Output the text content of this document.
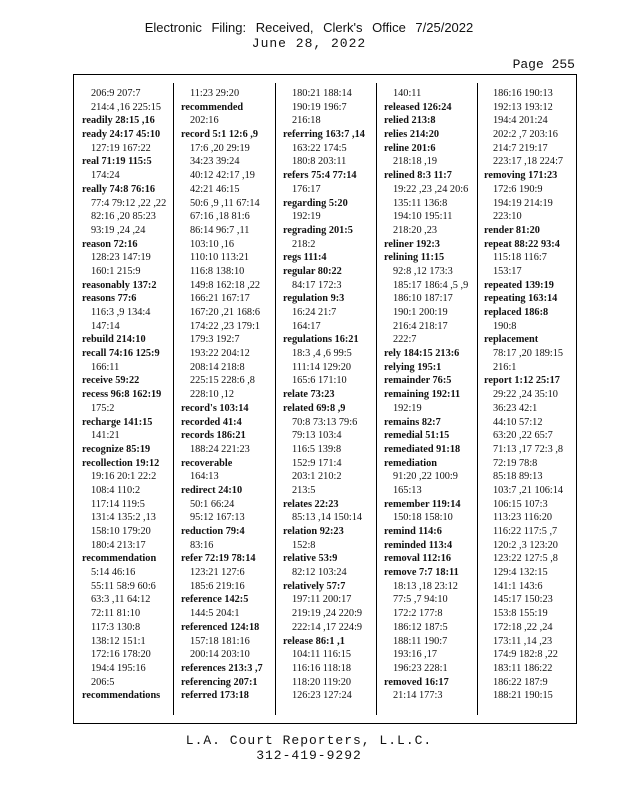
Electronic Filing: Received, Clerk's Office 7/25/2022
June 28, 2022
Page 255
206:9 207:7
214:4 ,16 225:15
readily 28:15 ,16
ready 24:17 45:10
127:19 167:22
real 71:19 115:5
174:24
really 74:8 76:16
77:4 79:12 ,22 ,22
82:16 ,20 85:23
93:19 ,24 ,24
reason 72:16
128:23 147:19
160:1 215:9
reasonably 137:2
reasons 77:6
116:3 ,9 134:4
147:14
rebuild 214:10
recall 74:16 125:9
166:11
receive 59:22
recess 96:8 162:19
175:2
recharge 141:15
141:21
recognize 85:19
recollection 19:12
19:16 20:1 22:2
108:4 110:2
117:14 119:5
131:4 135:2 ,13
158:10 179:20
180:4 213:17
recommendation
5:14 46:16
55:11 58:9 60:6
63:3 ,11 64:12
72:11 81:10
117:3 130:8
138:12 151:1
172:16 178:20
194:4 195:16
206:5
recommendations
11:23 29:20
recommended
202:16
record 5:1 12:6 ,9
17:6 ,20 29:19
34:23 39:24
40:12 42:17 ,19
42:21 46:15
50:6 ,9 ,11 67:14
67:16 ,18 81:6
86:14 96:7 ,11
103:10 ,16
110:10 113:21
116:8 138:10
149:8 162:18 ,22
166:21 167:17
167:20 ,21 168:6
174:22 ,23 179:1
179:3 192:7
193:22 204:12
208:14 218:8
225:15 228:6 ,8
228:10 ,12
record's 103:14
recorded 41:4
records 186:21
188:24 221:23
recoverable
164:13
redirect 24:10
50:1 66:24
95:12 167:13
reduction 79:4
83:16
refer 72:19 78:14
123:21 127:6
185:6 219:16
reference 142:5
144:5 204:1
referenced 124:18
157:18 181:16
200:14 203:10
references 213:3 ,7
referencing 207:1
referred 173:18
180:21 188:14
190:19 196:7
216:18
referring 163:7 ,14
163:22 174:5
180:8 203:11
refers 75:4 77:14
176:17
regarding 5:20
192:19
regrading 201:5
218:2
regs 111:4
regular 80:22
84:17 172:3
regulation 9:3
16:24 21:7
164:17
regulations 16:21
18:3 ,4 ,6 99:5
111:14 129:20
165:6 171:10
relate 73:23
related 69:8 ,9
70:8 73:13 79:6
79:13 103:4
116:5 139:8
152:9 171:4
203:1 210:2
213:5
relates 22:23
85:13 ,14 150:14
relation 92:23
152:8
relative 53:9
82:12 103:24
relatively 57:7
197:11 200:17
219:19 ,24 220:9
222:14 ,17 224:9
release 86:1 ,1
104:11 116:15
116:16 118:18
118:20 119:20
126:23 127:24
140:11
released 126:24
relied 213:8
relies 214:20
reline 201:6
218:18 ,19
relined 8:3 11:7
19:22 ,23 ,24 20:6
135:11 136:8
194:10 195:11
218:20 ,23
reliner 192:3
relining 11:15
92:8 ,12 173:3
185:17 186:4 ,5 ,9
186:10 187:17
190:1 200:19
216:4 218:17
222:7
rely 184:15 213:6
relying 195:1
remainder 76:5
remaining 192:11
192:19
remains 82:7
remedial 51:15
remediated 91:18
remediation
91:20 ,22 100:9
165:13
remember 119:14
150:18 158:10
remind 114:6
reminded 113:4
removal 112:16
remove 7:7 18:11
18:13 ,18 23:12
77:5 ,7 94:10
172:2 177:8
186:12 187:5
188:11 190:7
193:16 ,17
196:23 228:1
removed 16:17
21:14 177:3
186:16 190:13
192:13 193:12
194:4 201:24
202:2 ,7 203:16
214:7 219:17
223:17 ,18 224:7
removing 171:23
172:6 190:9
194:19 214:19
223:10
render 81:20
repeat 88:22 93:4
115:18 116:7
153:17
repeated 139:19
repeating 163:14
replaced 186:8
190:8
replacement
78:17 ,20 189:15
216:1
report 1:12 25:17
29:22 ,24 35:10
36:23 42:1
44:10 57:12
63:20 ,22 65:7
71:13 ,17 72:3 ,8
72:19 78:8
85:18 89:13
103:7 ,21 106:14
106:15 107:3
113:23 116:20
116:22 117:5 ,7
120:2 ,3 123:20
123:22 127:5 ,8
129:4 132:15
141:1 143:6
145:17 150:23
153:8 155:19
172:18 ,22 ,24
173:11 ,14 ,23
174:9 182:8 ,22
183:11 186:22
186:22 187:9
188:21 190:15
L.A. Court Reporters, L.L.C.
312-419-9292
